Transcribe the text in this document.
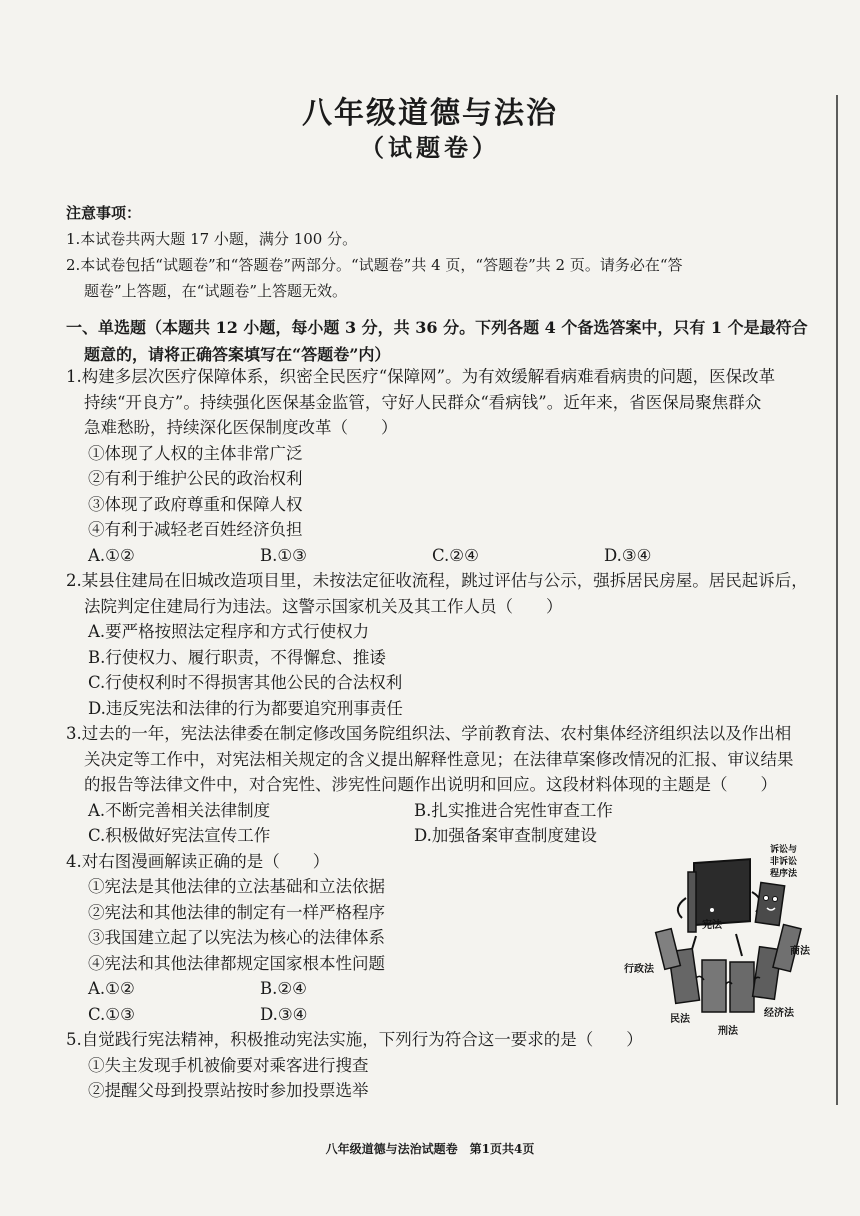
八年级道德与法治
（试题卷）
注意事项：
1.本试卷共两大题 17 小题，满分 100 分。
2.本试卷包括“试题卷”和“答题卷”两部分。“试题卷”共 4 页，“答题卷”共 2 页。请务必在“答
题卷”上答题，在“试题卷”上答题无效。
一、单选题（本题共 12 小题，每小题 3 分，共 36 分。下列各题 4 个备选答案中，只有 1 个是最符合
题意的，请将正确答案填写在“答题卷”内）
1.构建多层次医疗保障体系，织密全民医疗“保障网”。为有效缓解看病难看病贵的问题，医保改革
持续“开良方”。持续强化医保基金监管，守好人民群众“看病钱”。近年来，省医保局聚焦群众
急难愁盼，持续深化医保制度改革（　　）
①体现了人权的主体非常广泛
②有利于维护公民的政治权利
③体现了政府尊重和保障人权
④有利于减轻老百姓经济负担
A.①②	B.①③	C.②④	D.③④
2.某县住建局在旧城改造项目里，未按法定征收流程，跳过评估与公示，强拆居民房屋。居民起诉后，
法院判定住建局行为违法。这警示国家机关及其工作人员（　　）
A.要严格按照法定程序和方式行使权力
B.行使权力、履行职责，不得懈怠、推诿
C.行使权利时不得损害其他公民的合法权利
D.违反宪法和法律的行为都要追究刑事责任
3.过去的一年，宪法法律委在制定修改国务院组织法、学前教育法、农村集体经济组织法以及作出相
关决定等工作中，对宪法相关规定的含义提出解释性意见；在法律草案修改情况的汇报、审议结果
的报告等法律文件中，对合宪性、涉宪性问题作出说明和回应。这段材料体现的主题是（　　）
A.不断完善相关法律制度	B.扎实推进合宪性审查工作
C.积极做好宪法宣传工作	D.加强备案审查制度建设
4.对右图漫画解读正确的是（　　）
①宪法是其他法律的立法基础和立法依据
②宪法和其他法律的制定有一样严格程序
③我国建立起了以宪法为核心的法律体系
④宪法和其他法律都规定国家根本性问题
A.①②	B.②④
C.①③	D.③④
5.自觉践行宪法精神，积极推动宪法实施，下列行为符合这一要求的是（　　）
①失主发现手机被偷要对乘客进行搜查
②提醒父母到投票站按时参加投票选举
宪法
诉讼与
非诉讼
程序法
行政法
商法
民法
刑法
经济法
八年级道德与法治试题卷　第1页共4页
